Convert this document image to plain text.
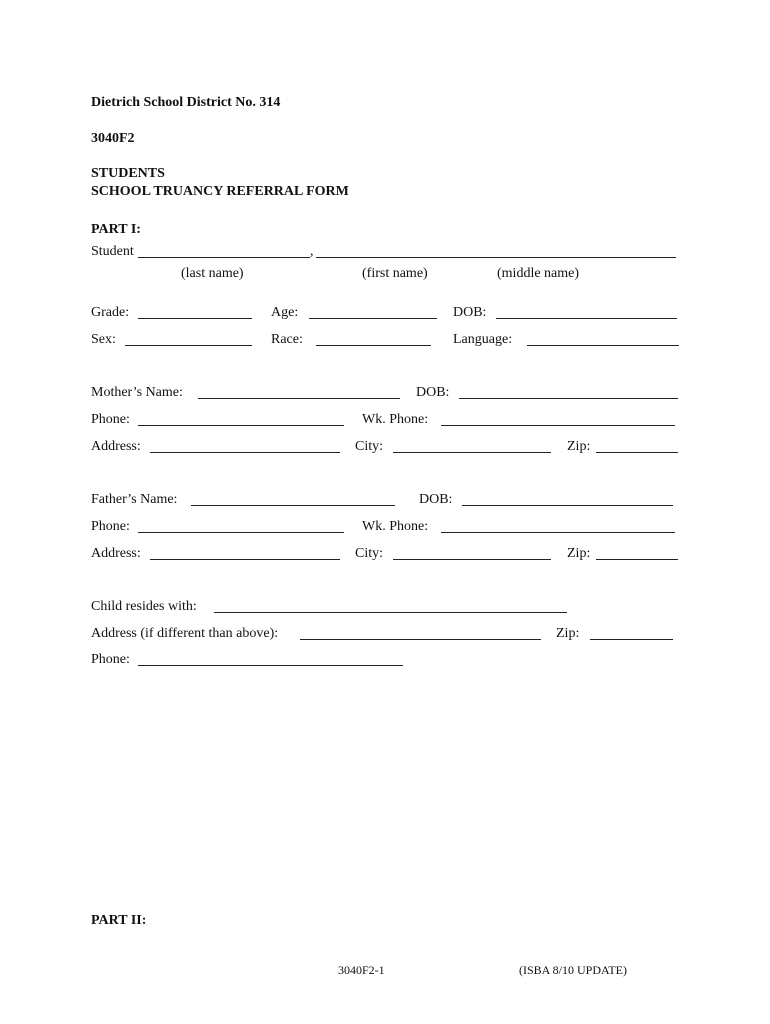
Dietrich School District No. 314
3040F2
STUDENTS
SCHOOL TRUANCY REFERRAL FORM
PART I:
Student	,
(last name)	(first name)	(middle name)
Grade:	Age:	DOB:
Sex:	Race:	Language:
Mother’s Name:	DOB:
Phone:	Wk. Phone:
Address:	City:	Zip:
Father’s Name:	DOB:
Phone:	Wk. Phone:
Address:	City:	Zip:
Child resides with:
Address (if different than above):	Zip:
Phone:
PART II:
3040F2-1	(ISBA 8/10 UPDATE)
